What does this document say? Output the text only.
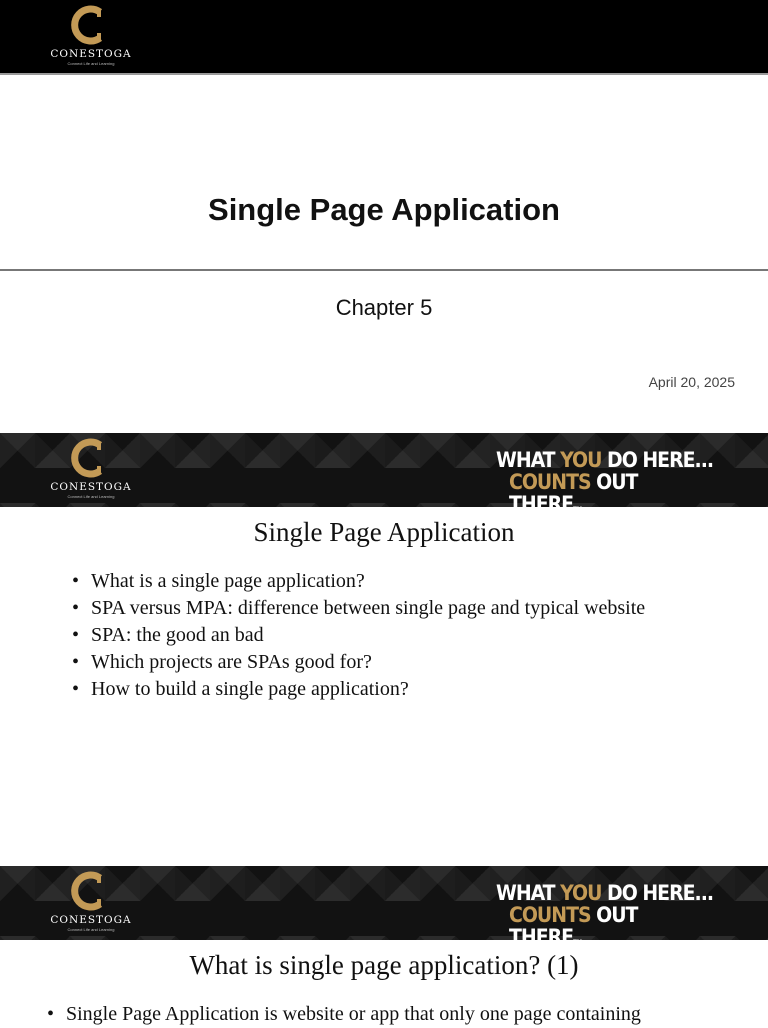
CONESTOGA
Connect Life and Learning
Single Page Application
Chapter 5
April 20, 2025
CONESTOGA
Connect Life and Learning
WHAT YOU DO HERE...
COUNTS OUT THERETM
Single Page Application
• What is a single page application?
• SPA versus MPA: difference between single page and typical website
• SPA: the good an bad
• Which projects are SPAs good for?
• How to build a single page application?
CONESTOGA
Connect Life and Learning
WHAT YOU DO HERE...
COUNTS OUT THERETM
What is single page application? (1)
• Single Page Application is website or app that only one page containing
